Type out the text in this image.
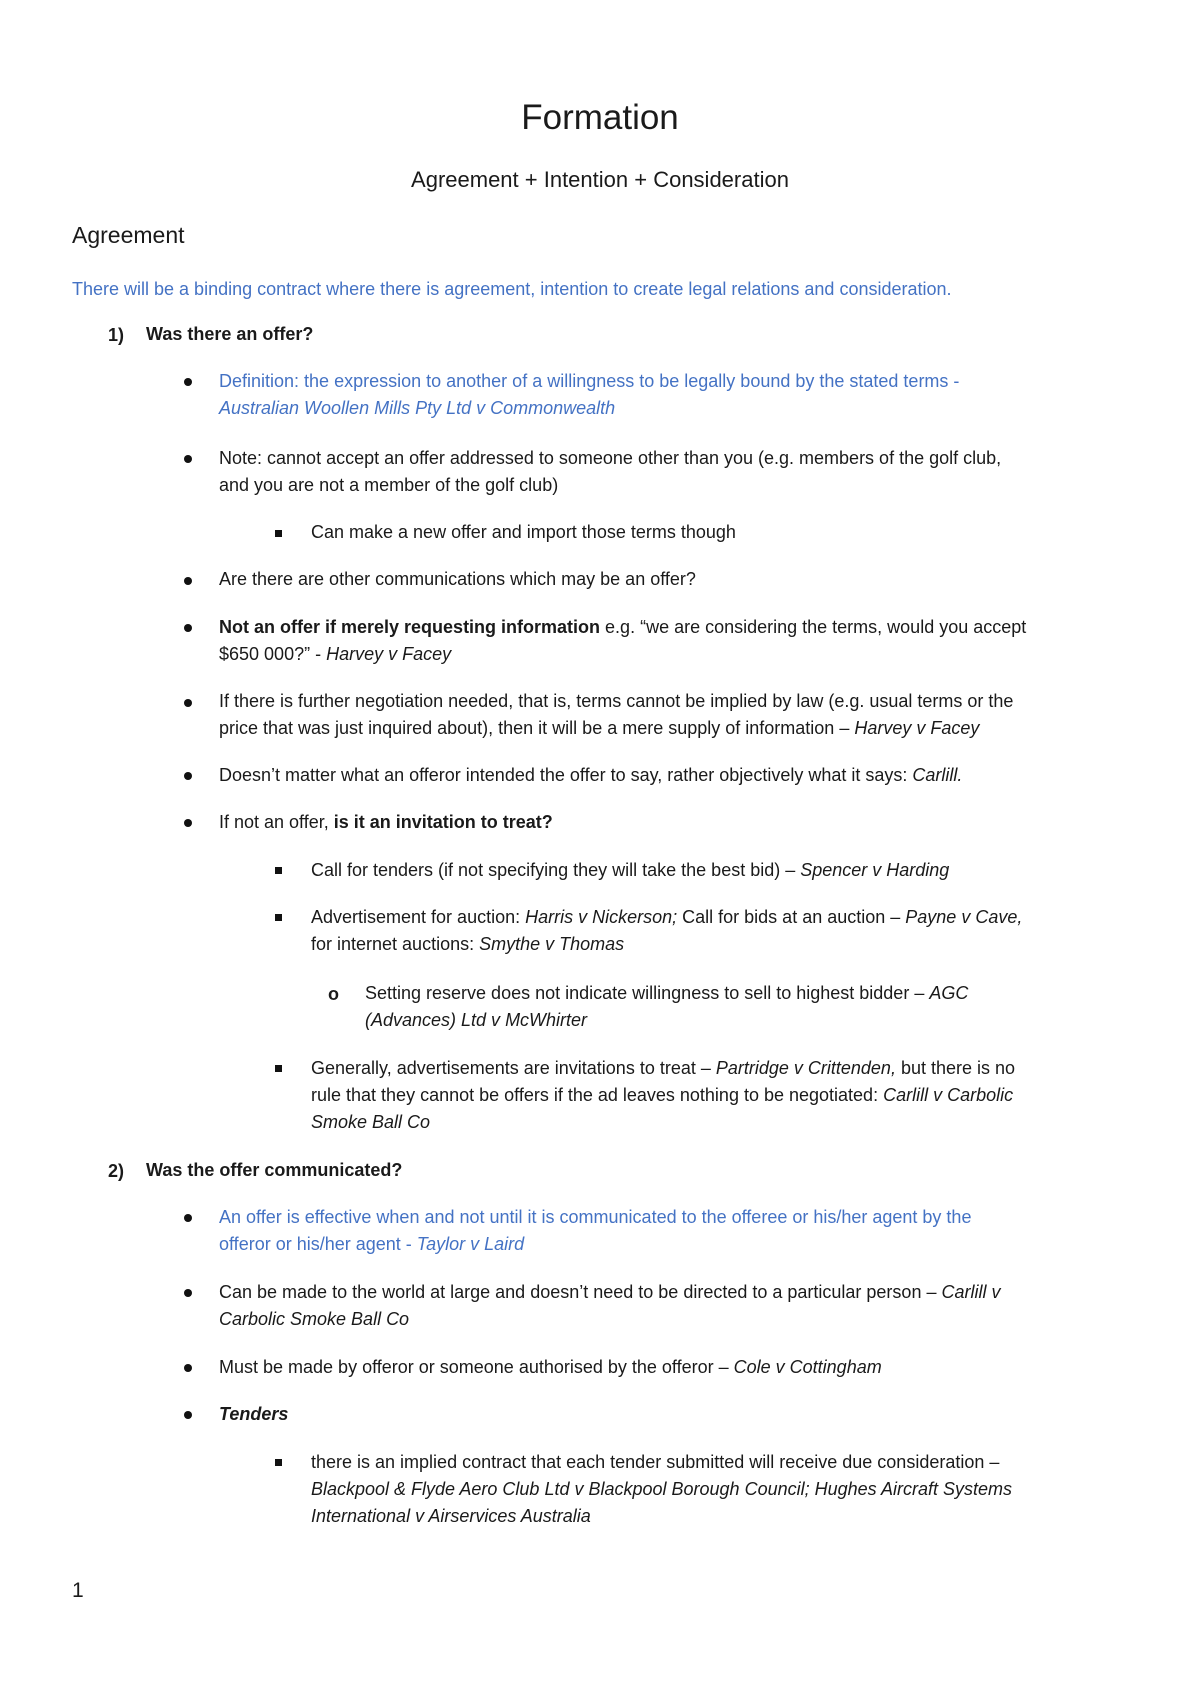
Formation
Agreement + Intention + Consideration
Agreement
There will be a binding contract where there is agreement, intention to create legal relations and consideration.
1) Was there an offer?
Definition: the expression to another of a willingness to be legally bound by the stated terms -
Australian Woollen Mills Pty Ltd v Commonwealth
Note: cannot accept an offer addressed to someone other than you (e.g. members of the golf club,
and you are not a member of the golf club)
Can make a new offer and import those terms though
Are there are other communications which may be an offer?
Not an offer if merely requesting information e.g. “we are considering the terms, would you accept
$650 000?” - Harvey v Facey
If there is further negotiation needed, that is, terms cannot be implied by law (e.g. usual terms or the
price that was just inquired about), then it will be a mere supply of information – Harvey v Facey
Doesn’t matter what an offeror intended the offer to say, rather objectively what it says: Carlill.
If not an offer, is it an invitation to treat?
Call for tenders (if not specifying they will take the best bid) – Spencer v Harding
Advertisement for auction: Harris v Nickerson; Call for bids at an auction – Payne v Cave,
for internet auctions: Smythe v Thomas
o Setting reserve does not indicate willingness to sell to highest bidder – AGC
(Advances) Ltd v McWhirter
Generally, advertisements are invitations to treat – Partridge v Crittenden, but there is no
rule that they cannot be offers if the ad leaves nothing to be negotiated: Carlill v Carbolic
Smoke Ball Co
2) Was the offer communicated?
An offer is effective when and not until it is communicated to the offeree or his/her agent by the
offeror or his/her agent - Taylor v Laird
Can be made to the world at large and doesn’t need to be directed to a particular person – Carlill v
Carbolic Smoke Ball Co
Must be made by offeror or someone authorised by the offeror – Cole v Cottingham
Tenders
there is an implied contract that each tender submitted will receive due consideration –
Blackpool & Flyde Aero Club Ltd v Blackpool Borough Council; Hughes Aircraft Systems
International v Airservices Australia
1
